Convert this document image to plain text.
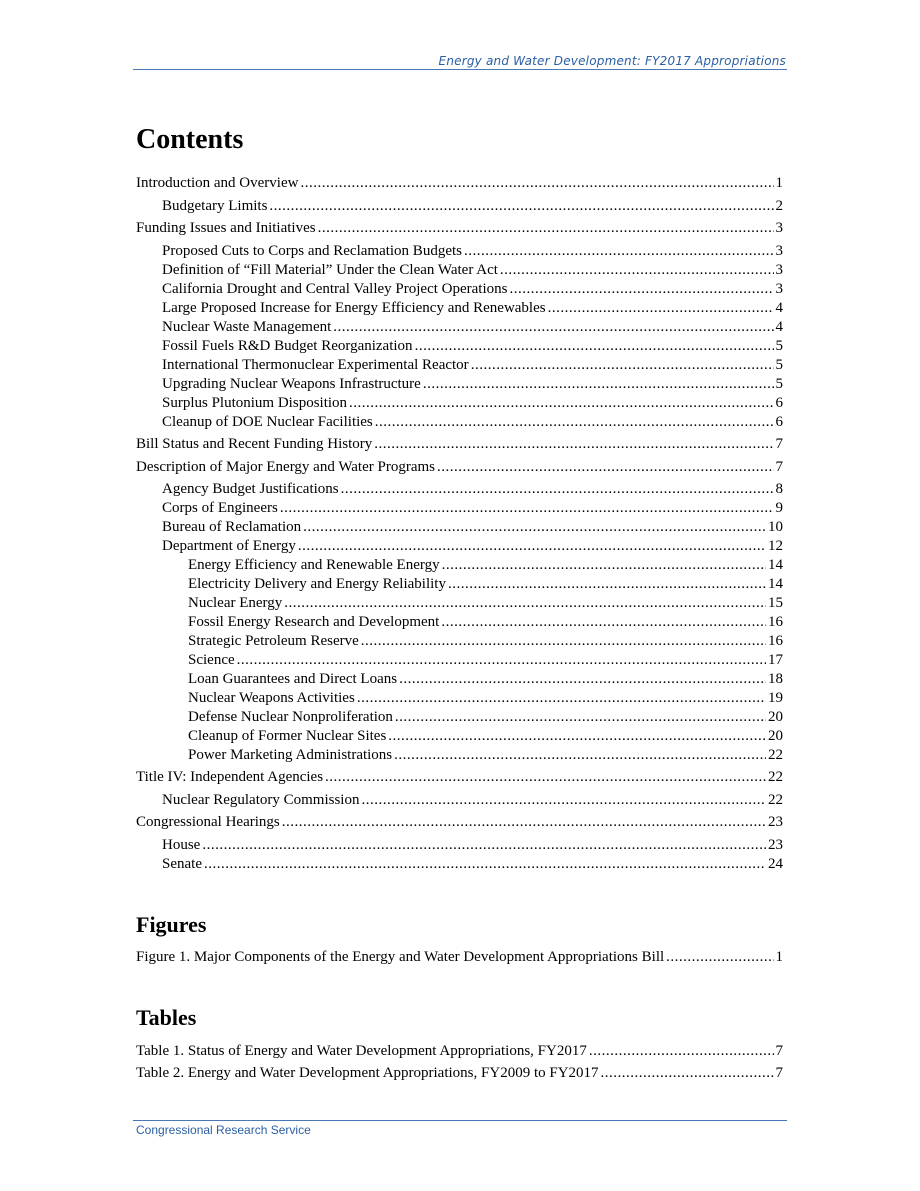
Energy and Water Development: FY2017 Appropriations
Contents
Introduction and Overview .....	1
Budgetary Limits .....	2
Funding Issues and Initiatives .....	3
Proposed Cuts to Corps and Reclamation Budgets .....	3
Definition of “Fill Material” Under the Clean Water Act .....	3
California Drought and Central Valley Project Operations .....	3
Large Proposed Increase for Energy Efficiency and Renewables .....	4
Nuclear Waste Management .....	4
Fossil Fuels R&D Budget Reorganization .....	5
International Thermonuclear Experimental Reactor .....	5
Upgrading Nuclear Weapons Infrastructure .....	5
Surplus Plutonium Disposition .....	6
Cleanup of DOE Nuclear Facilities .....	6
Bill Status and Recent Funding History .....	7
Description of Major Energy and Water Programs .....	7
Agency Budget Justifications .....	8
Corps of Engineers .....	9
Bureau of Reclamation .....	10
Department of Energy .....	12
Energy Efficiency and Renewable Energy .....	14
Electricity Delivery and Energy Reliability .....	14
Nuclear Energy .....	15
Fossil Energy Research and Development .....	16
Strategic Petroleum Reserve .....	16
Science .....	17
Loan Guarantees and Direct Loans .....	18
Nuclear Weapons Activities .....	19
Defense Nuclear Nonproliferation .....	20
Cleanup of Former Nuclear Sites .....	20
Power Marketing Administrations .....	22
Title IV: Independent Agencies .....	22
Nuclear Regulatory Commission .....	22
Congressional Hearings .....	23
House .....	23
Senate .....	24
Figures
Figure 1. Major Components of the Energy and Water Development Appropriations Bill .....	1
Tables
Table 1. Status of Energy and Water Development Appropriations, FY2017 .....	7
Table 2. Energy and Water Development Appropriations, FY2009 to FY2017 .....	7
Congressional Research Service
